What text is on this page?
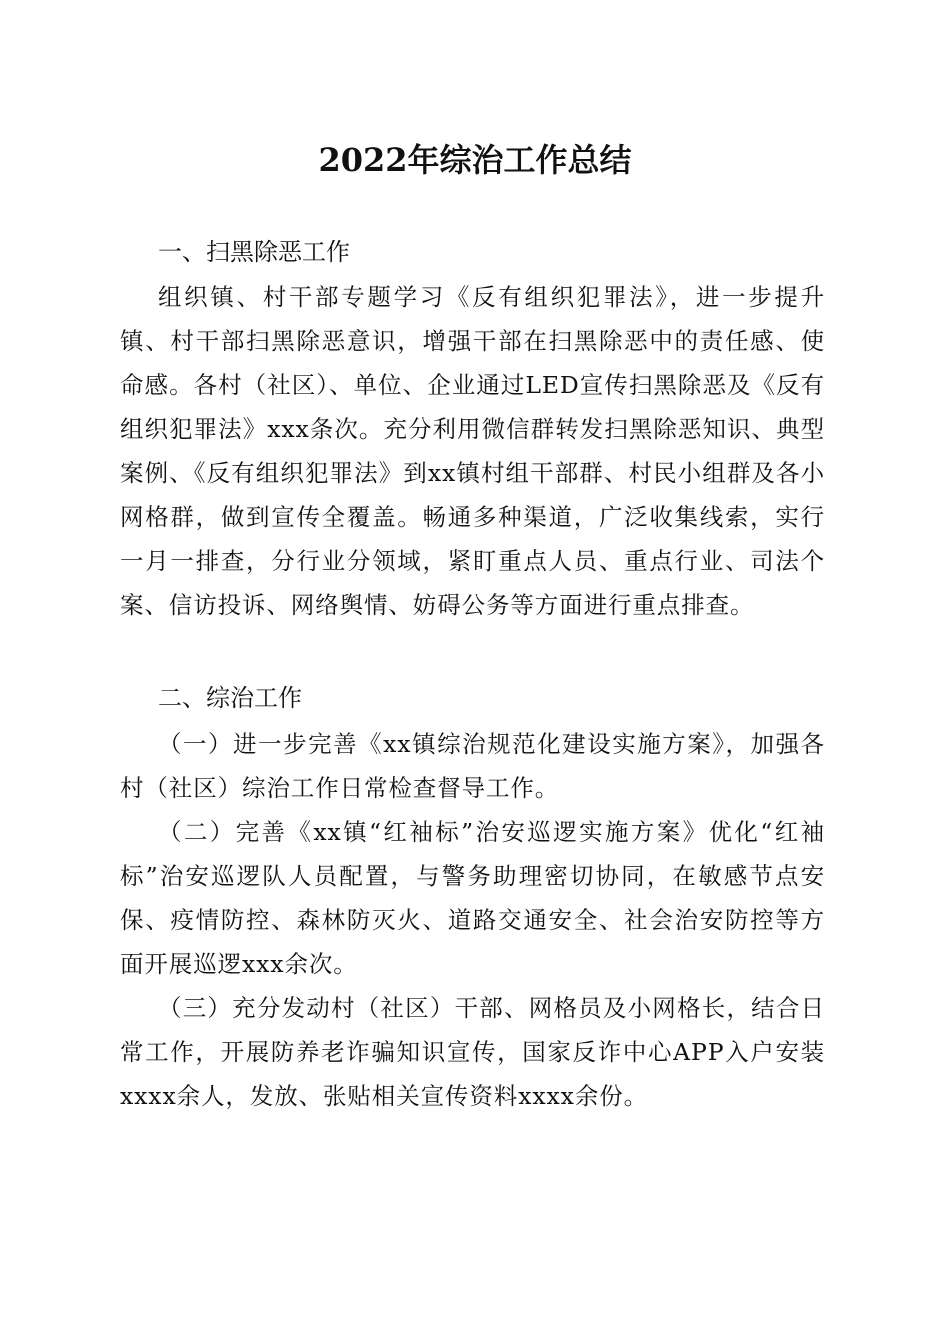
2022年综治工作总结
一、扫黑除恶工作

组织镇、村干部专题学习《反有组织犯罪法》，进一步提升镇、村干部扫黑除恶意识，增强干部在扫黑除恶中的责任感、使命感。各村（社区）、单位、企业通过LED宣传扫黑除恶及《反有组织犯罪法》xxx条次。充分利用微信群转发扫黑除恶知识、典型案例、《反有组织犯罪法》到xx镇村组干部群、村民小组群及各小网格群，做到宣传全覆盖。畅通多种渠道，广泛收集线索，实行一月一排查，分行业分领域，紧盯重点人员、重点行业、司法个案、信访投诉、网络舆情、妨碍公务等方面进行重点排查。

二、综治工作

（一）进一步完善《xx镇综治规范化建设实施方案》，加强各村（社区）综治工作日常检查督导工作。

（二）完善《xx镇“红袖标”治安巡逻实施方案》优化“红袖标”治安巡逻队人员配置，与警务助理密切协同，在敏感节点安保、疫情防控、森林防灭火、道路交通安全、社会治安防控等方面开展巡逻xxx余次。

（三）充分发动村（社区）干部、网格员及小网格长，结合日常工作，开展防养老诈骗知识宣传，国家反诈中心APP入户安装xxxx余人，发放、张贴相关宣传资料xxxx余份。
